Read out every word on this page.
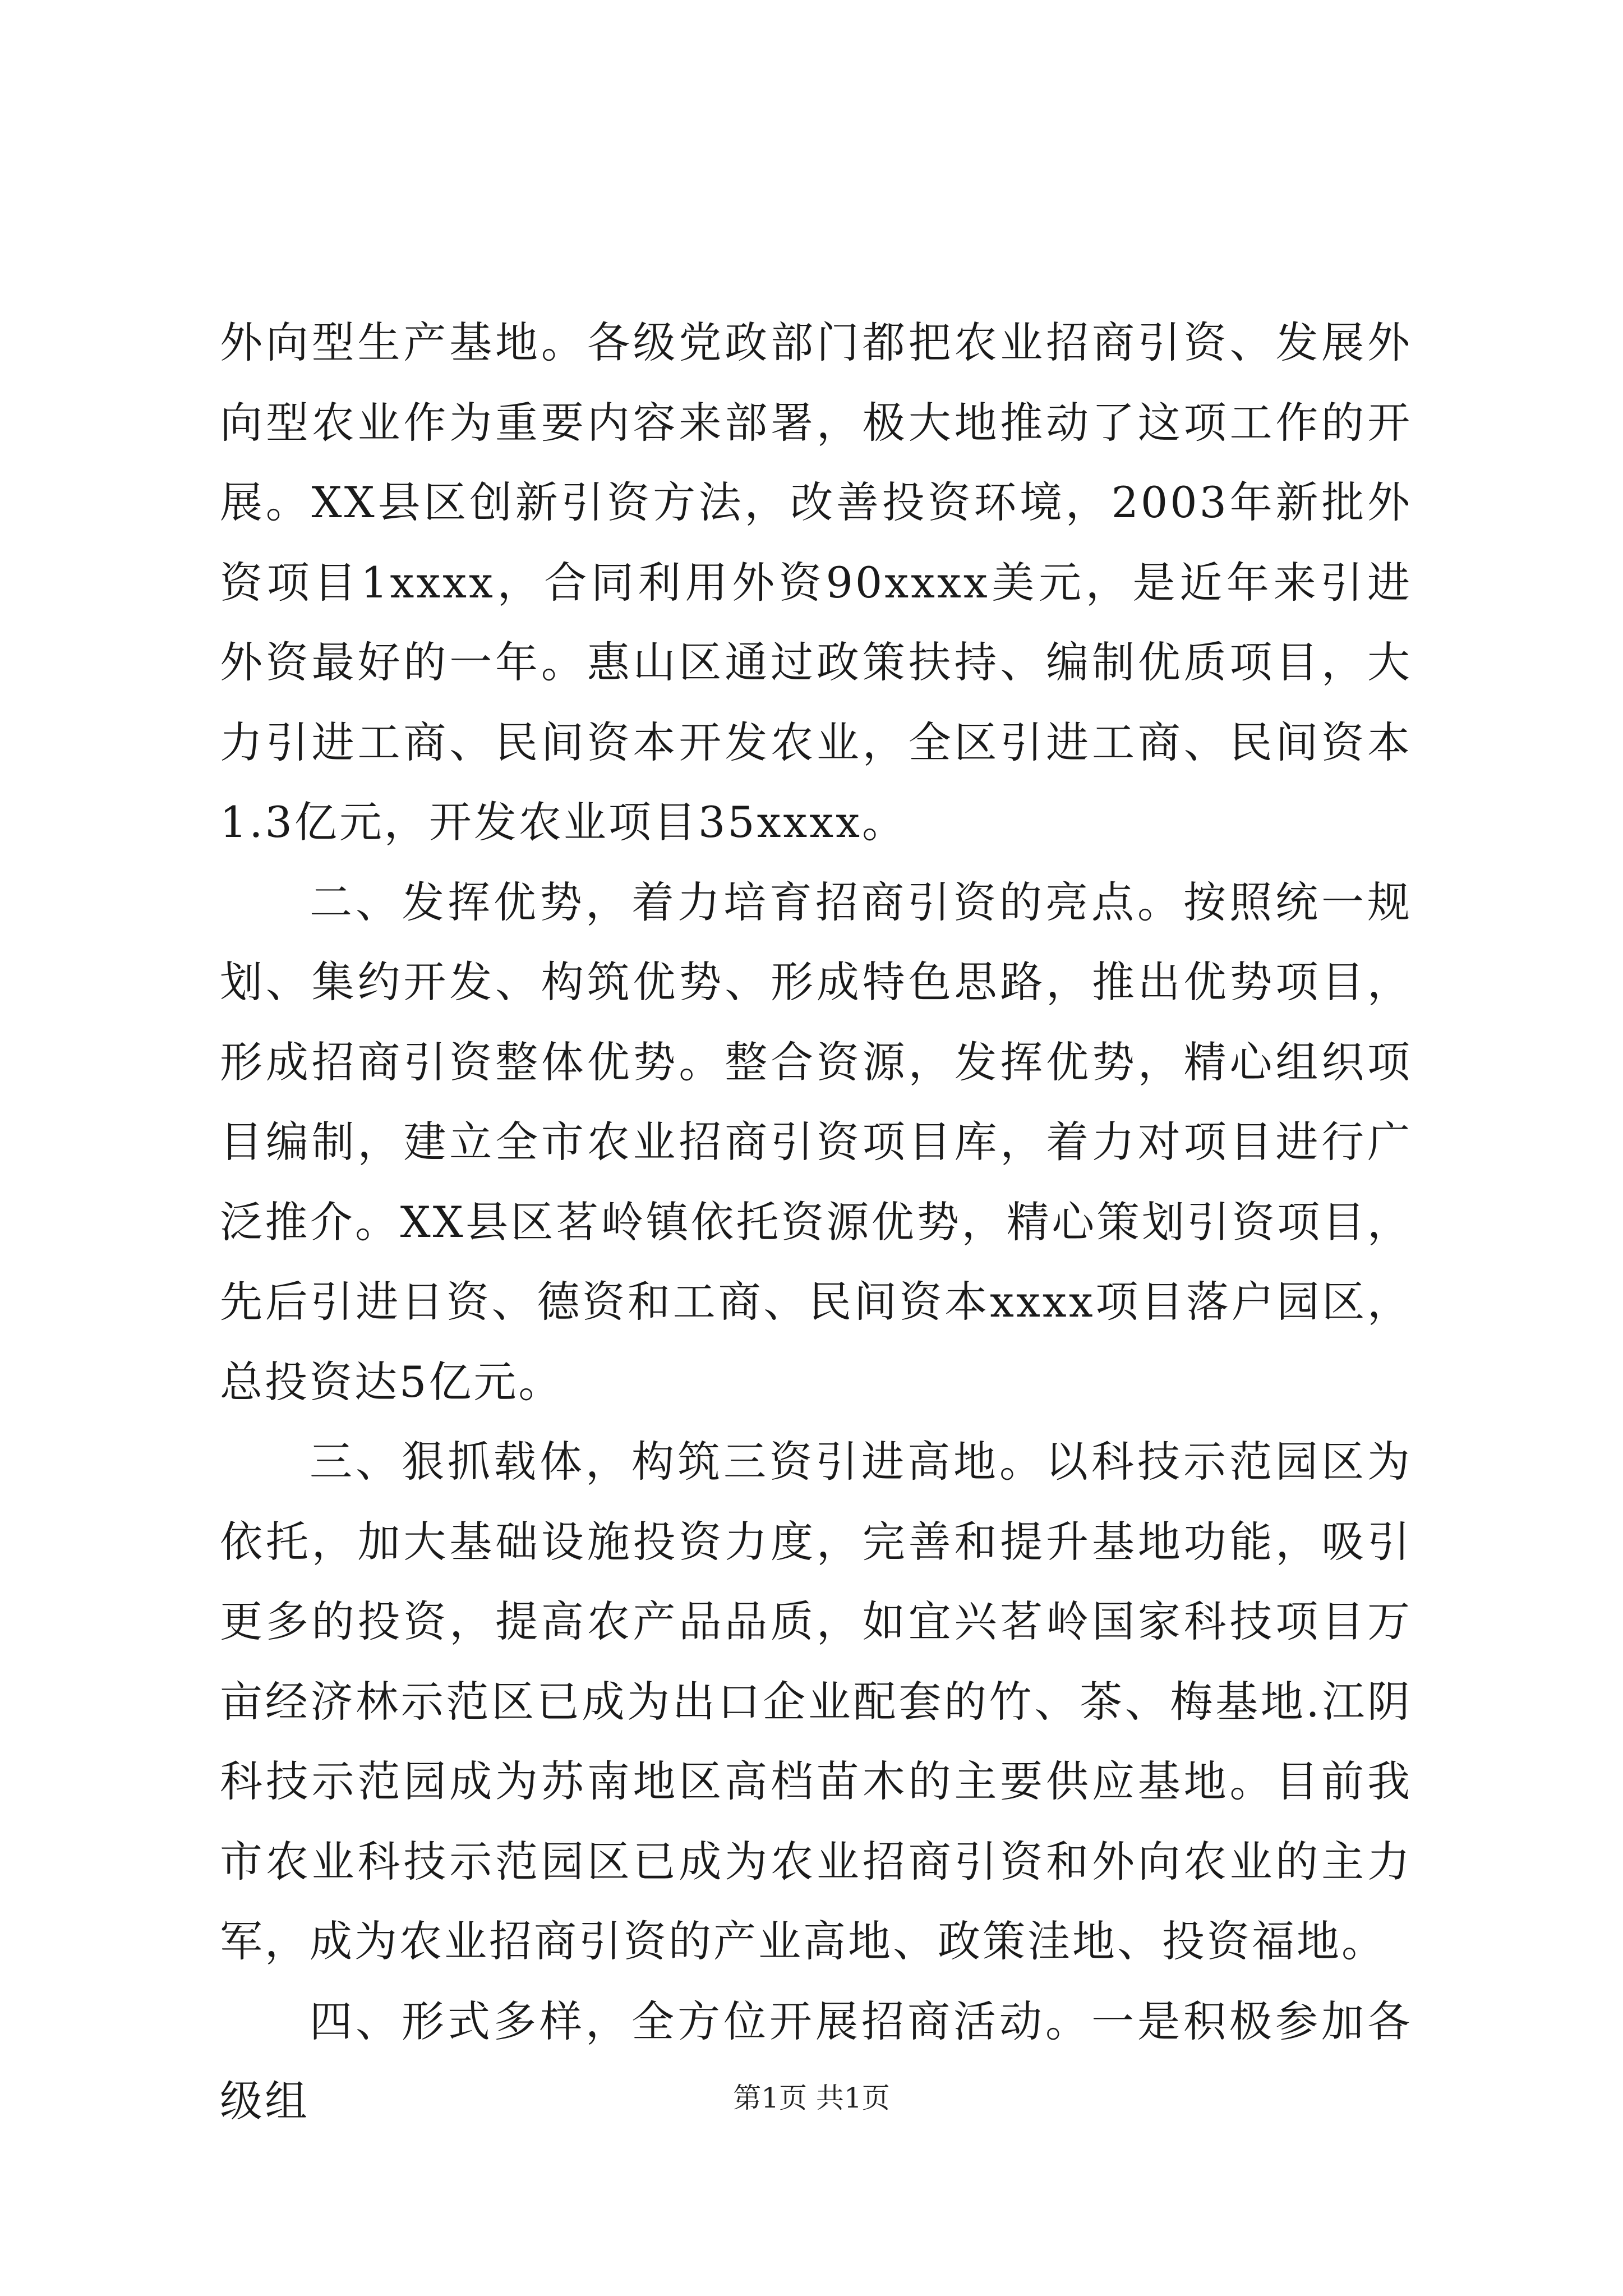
外向型生产基地。各级党政部门都把农业招商引资、发展外向型农业作为重要内容来部署，极大地推动了这项工作的开展。XX县区创新引资方法，改善投资环境，2003年新批外资项目1xxxx，合同利用外资90xxxx美元，是近年来引进外资最好的一年。惠山区通过政策扶持、编制优质项目，大力引进工商、民间资本开发农业，全区引进工商、民间资本1.3亿元，开发农业项目35xxxx。

二、发挥优势，着力培育招商引资的亮点。按照统一规划、集约开发、构筑优势、形成特色思路，推出优势项目，形成招商引资整体优势。整合资源，发挥优势，精心组织项目编制，建立全市农业招商引资项目库，着力对项目进行广泛推介。XX县区茗岭镇依托资源优势，精心策划引资项目，先后引进日资、德资和工商、民间资本xxxx项目落户园区，总投资达5亿元。

三、狠抓载体，构筑三资引进高地。以科技示范园区为依托，加大基础设施投资力度，完善和提升基地功能，吸引更多的投资，提高农产品品质，如宜兴茗岭国家科技项目万亩经济林示范区已成为出口企业配套的竹、茶、梅基地.江阴科技示范园成为苏南地区高档苗木的主要供应基地。目前我市农业科技示范园区已成为农业招商引资和外向农业的主力军，成为农业招商引资的产业高地、政策洼地、投资福地。

四、形式多样，全方位开展招商活动。一是积极参加各级组	第1页 共1页
